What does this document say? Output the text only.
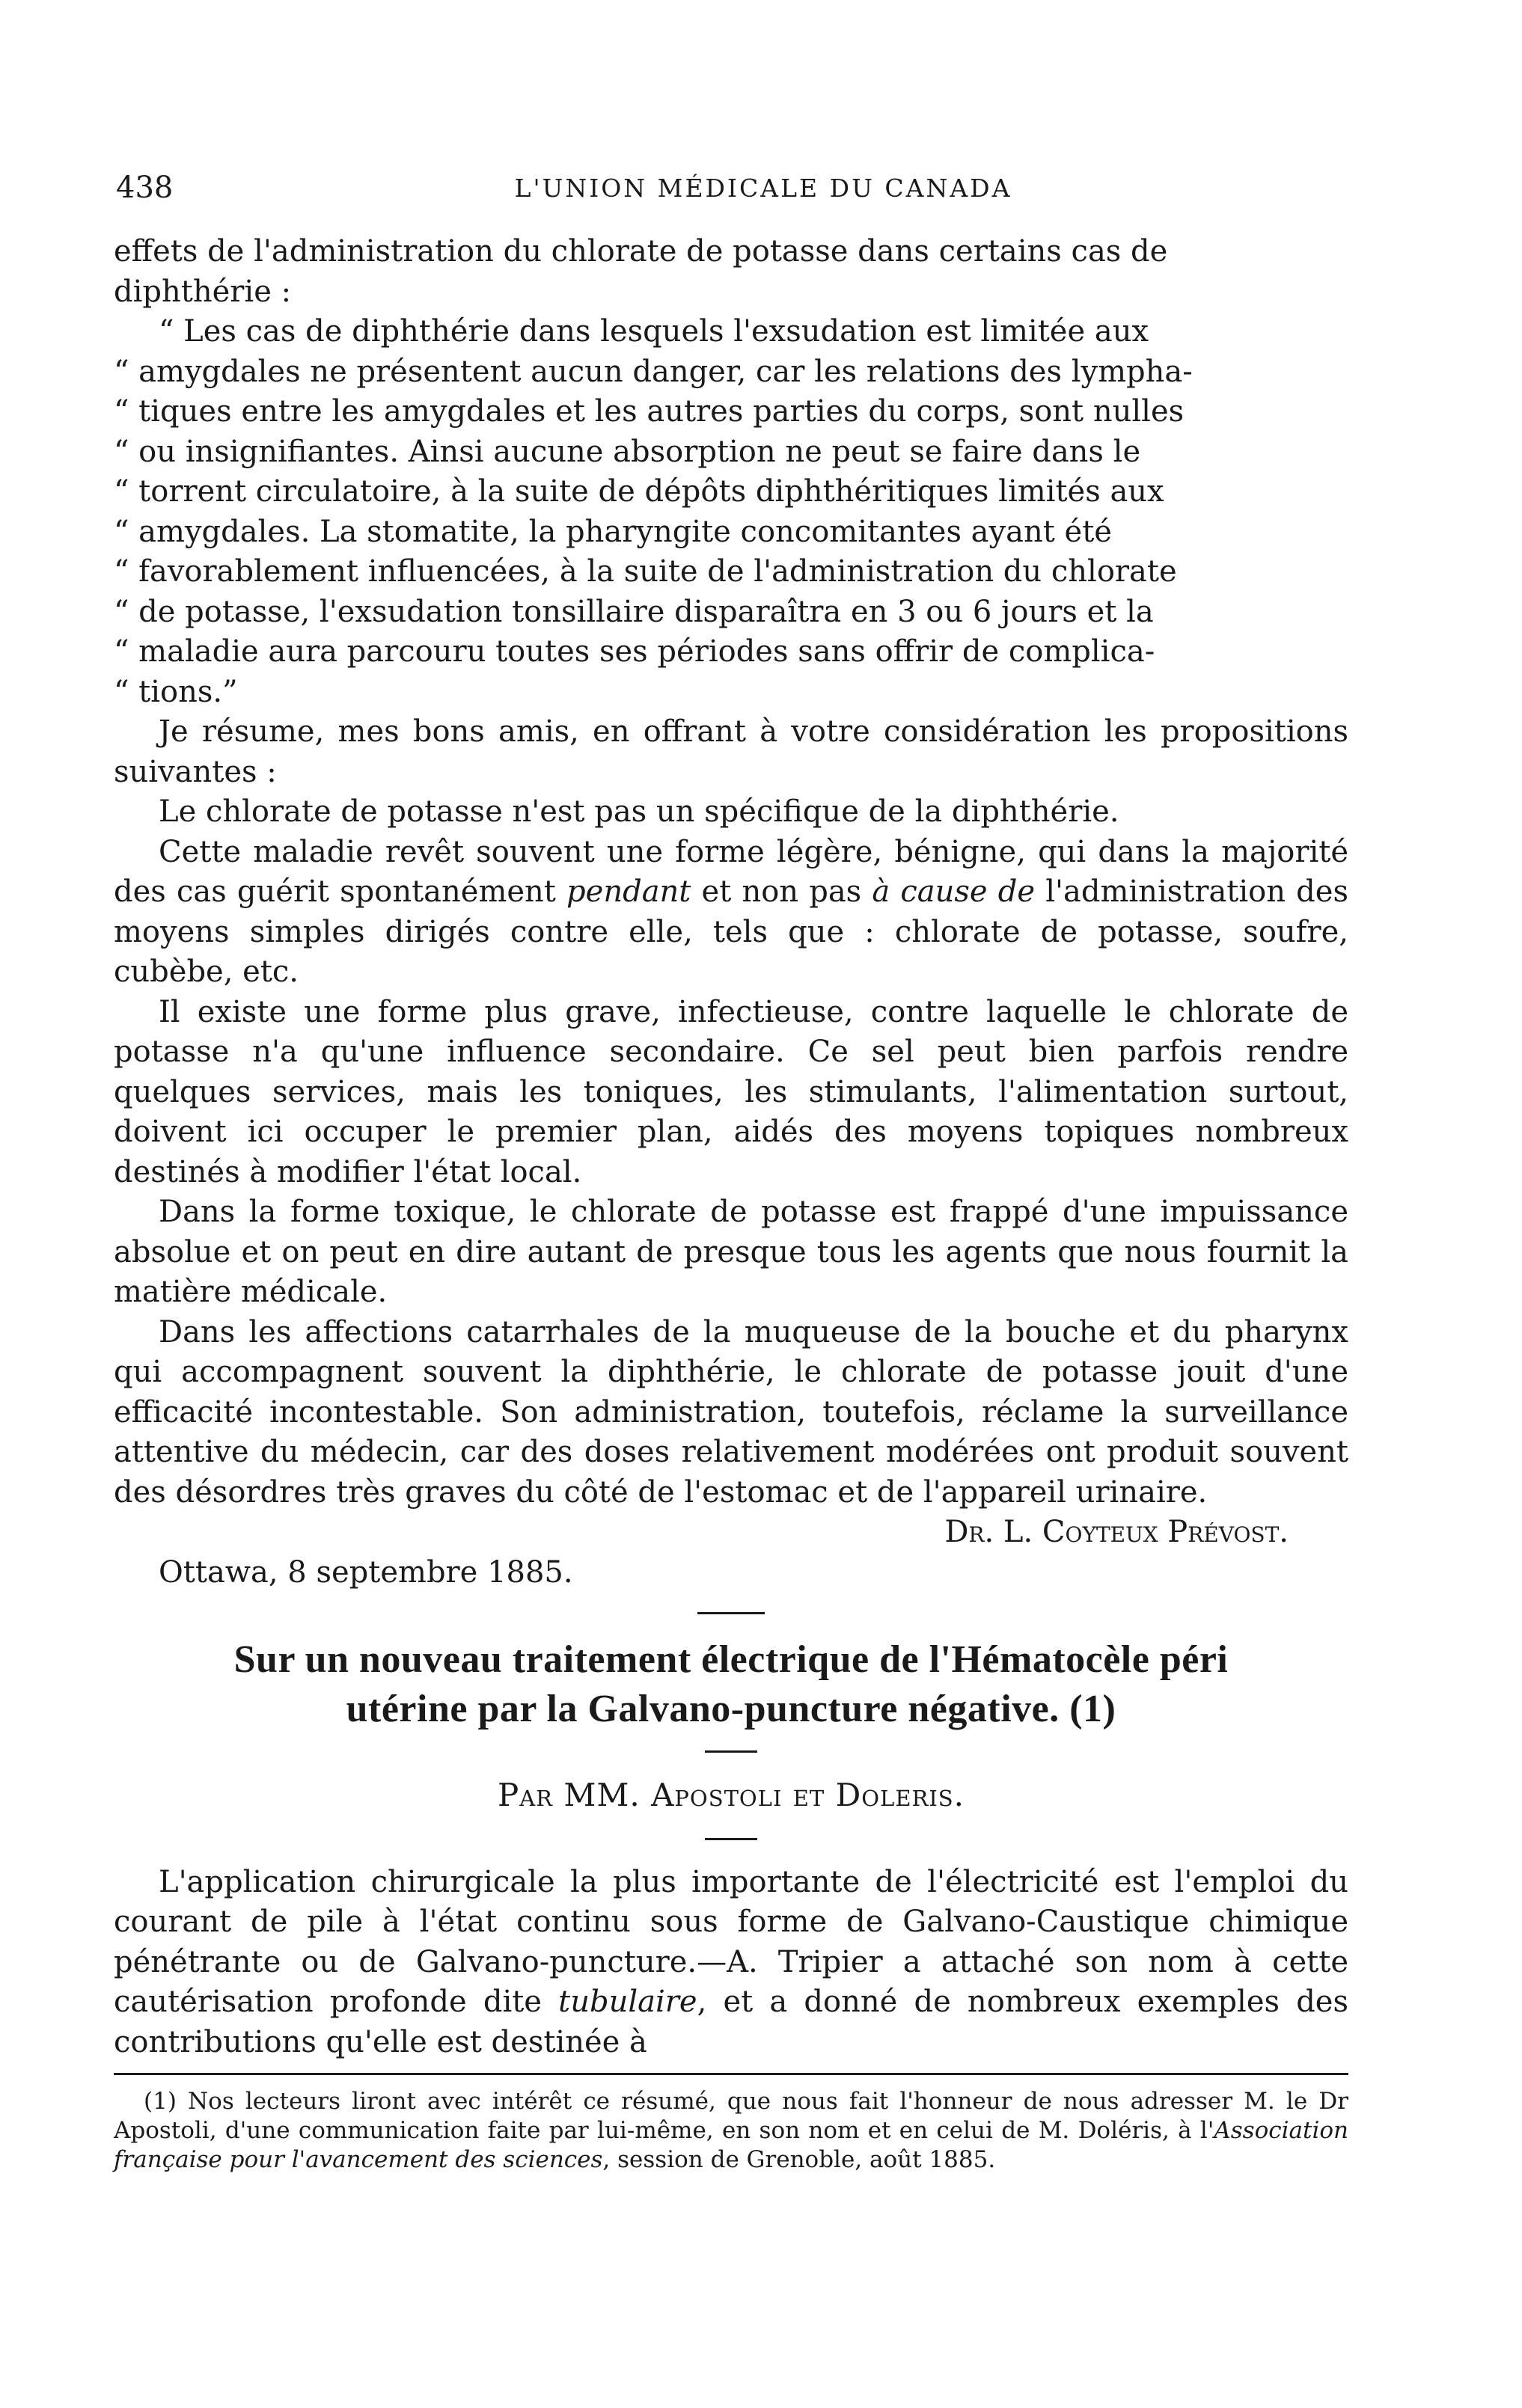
438	L'UNION MÉDICALE DU CANADA

effets de l'administration du chlorate de potasse dans certains cas de

diphthérie :

“ Les cas de diphthérie dans lesquels l'exsudation est limitée aux

“ amygdales ne présentent aucun danger, car les relations des lympha-

“ tiques entre les amygdales et les autres parties du corps, sont nulles

“ ou insignifiantes. Ainsi aucune absorption ne peut se faire dans le

“ torrent circulatoire, à la suite de dépôts diphthéritiques limités aux

“ amygdales. La stomatite, la pharyngite concomitantes ayant été

“ favorablement influencées, à la suite de l'administration du chlorate

“ de potasse, l'exsudation tonsillaire disparaîtra en 3 ou 6 jours et la

“ maladie aura parcouru toutes ses périodes sans offrir de complica-

“ tions.”

Je résume, mes bons amis, en offrant à votre considération les propositions suivantes :

Le chlorate de potasse n'est pas un spécifique de la diphthérie.

Cette maladie revêt souvent une forme légère, bénigne, qui dans la majorité des cas guérit spontanément pendant et non pas à cause de l'administration des moyens simples dirigés contre elle, tels que : chlorate de potasse, soufre, cubèbe, etc.

Il existe une forme plus grave, infectieuse, contre laquelle le chlorate de potasse n'a qu'une influence secondaire. Ce sel peut bien parfois rendre quelques services, mais les toniques, les stimulants, l'alimentation surtout, doivent ici occuper le premier plan, aidés des moyens topiques nombreux destinés à modifier l'état local.

Dans la forme toxique, le chlorate de potasse est frappé d'une impuissance absolue et on peut en dire autant de presque tous les agents que nous fournit la matière médicale.

Dans les affections catarrhales de la muqueuse de la bouche et du pharynx qui accompagnent souvent la diphthérie, le chlorate de potasse jouit d'une efficacité incontestable. Son administration, toutefois, réclame la surveillance attentive du médecin, car des doses relativement modérées ont produit souvent des désordres très graves du côté de l'estomac et de l'appareil urinaire.

Dr. L. Coyteux Prévost.
Ottawa, 8 septembre 1885.
Sur un nouveau traitement électrique de l'Hématocèle péri
utérine par la Galvano-puncture négative. (1)
Par MM. Apostoli et Doleris.

L'application chirurgicale la plus importante de l'électricité est l'emploi du courant de pile à l'état continu sous forme de Galvano-Caustique chimique pénétrante ou de Galvano-puncture.—A. Tripier a attaché son nom à cette cautérisation profonde dite tubulaire, et a donné de nombreux exemples des contributions qu'elle est destinée à

(1) Nos lecteurs liront avec intérêt ce résumé, que nous fait l'honneur de nous adresser M. le Dr Apostoli, d'une communication faite par lui-même, en son nom et en celui de M. Doléris, à l'Association française pour l'avancement des sciences, session de Grenoble, août 1885.
